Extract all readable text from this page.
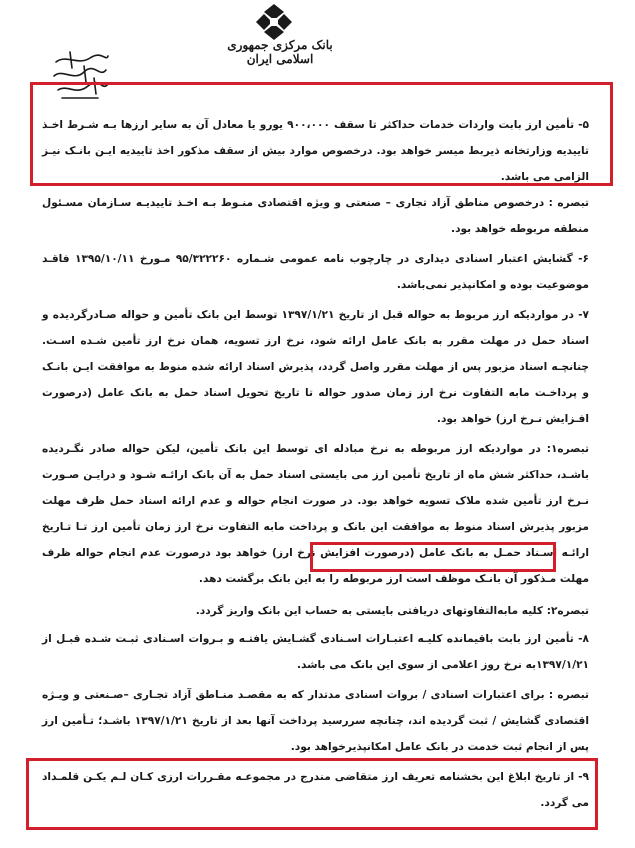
بانک مرکزی جمهوری اسلامی ایران
۵- تأمین ارز بابت واردات خدمات حداکثر تا سقف ۹۰۰،۰۰۰ یورو یا معادل آن به سایر ارزها بـه شـرط اخـذ تاییدیه وزارتخانه ذیربط میسر خواهد بود. درخصوص موارد بیش از سقف مذکور اخذ تاییدیه ایـن بانـک نیـز الزامی می باشد.
تبصره : درخصوص مناطق آزاد تجاری – صنعتی و ویژه اقتصادی منـوط بـه اخـذ تاییدیـه سـازمان مسـئول منطقه مربوطه خواهد بود.
۶- گشایش اعتبار اسنادی دیداری در چارچوب نامه عمومی شـماره ۹۵/۳۲۲۲۶۰ مـورخ ۱۳۹۵/۱۰/۱۱ فاقـد موضوعیت بوده و امکانپذیر نمی‌باشد.
۷- در مواردیکه ارز مربوط به حواله قبل از تاریخ ۱۳۹۷/۱/۲۱ توسط این بانک تأمین و حواله صـادرگردیده و اسناد حمل در مهلت مقرر به بانک عامل ارائه شود، نرخ ارز تسویه، همان نرخ ارز تأمین شـده اسـت. چنانچـه اسناد مزبور پس از مهلت مقرر واصل گردد، پذیرش اسناد ارائه شده منوط به موافقت ایـن بانـک و پرداخـت مابه التفاوت نرخ ارز زمان صدور حواله تا تاریخ تحویل اسناد حمل به بانک عامل (درصورت افـزایش نـرخ ارز) خواهد بود.
تبصره۱: در مواردیکه ارز مربوطه به نرخ مبادله ای توسط این بانک تأمین، لیکن حواله صادر نگـردیده باشـد، حداکثر شش ماه از تاریخ تأمین ارز می بایستی اسناد حمل به آن بانک ارائـه شـود و درایـن صـورت نـرخ ارز تأمین شده ملاک تسویه خواهد بود. در صورت انجام حواله و عدم ارائه اسناد حمل ظرف مهلت مزبور پذیرش اسناد منوط به موافقت این بانک و پرداخت مابه التفاوت نرخ ارز زمان تأمین ارز تـا تـاریخ ارائـه اسـناد حمـل به بانک عامل (درصورت افزایش نرخ ارز) خواهد بود درصورت عدم انجام حواله ظرف مهلت مـذکور آن بانـک موظف است ارز مربوطه را به این بانک برگشت دهد.
تبصره۲: کلیه مابه‌التفاوتهای دریافتی بایستی به حساب این بانک واریز گردد.
۸- تأمین ارز بابت باقیمانده کلیـه اعتبـارات اسـنادی گشـایش یافتـه و بـروات اسـنادی ثبـت شـده قبـل از ۱۳۹۷/۱/۲۱به نرخ روز اعلامی از سوی این بانک می باشد.
تبصره : برای اعتبارات اسنادی / بروات اسنادی مدتدار که به مقصـد منـاطق آزاد تجـاری –صـنعتی و ویـژه اقتصادی گشایش / ثبت گردیده اند، چنانچه سررسید پرداخت آنها بعد از تاریخ ۱۳۹۷/۱/۲۱ باشـد؛ تـأمین ارز پس از انجام ثبت خدمت در بانک عامل امکانپذیرخواهد بود.
۹- از تاریخ ابلاغ این بخشنامه تعریف ارز متقاضی مندرج در مجموعـه مقـررات ارزی کـان لـم یکـن قلمـداد می گردد.
